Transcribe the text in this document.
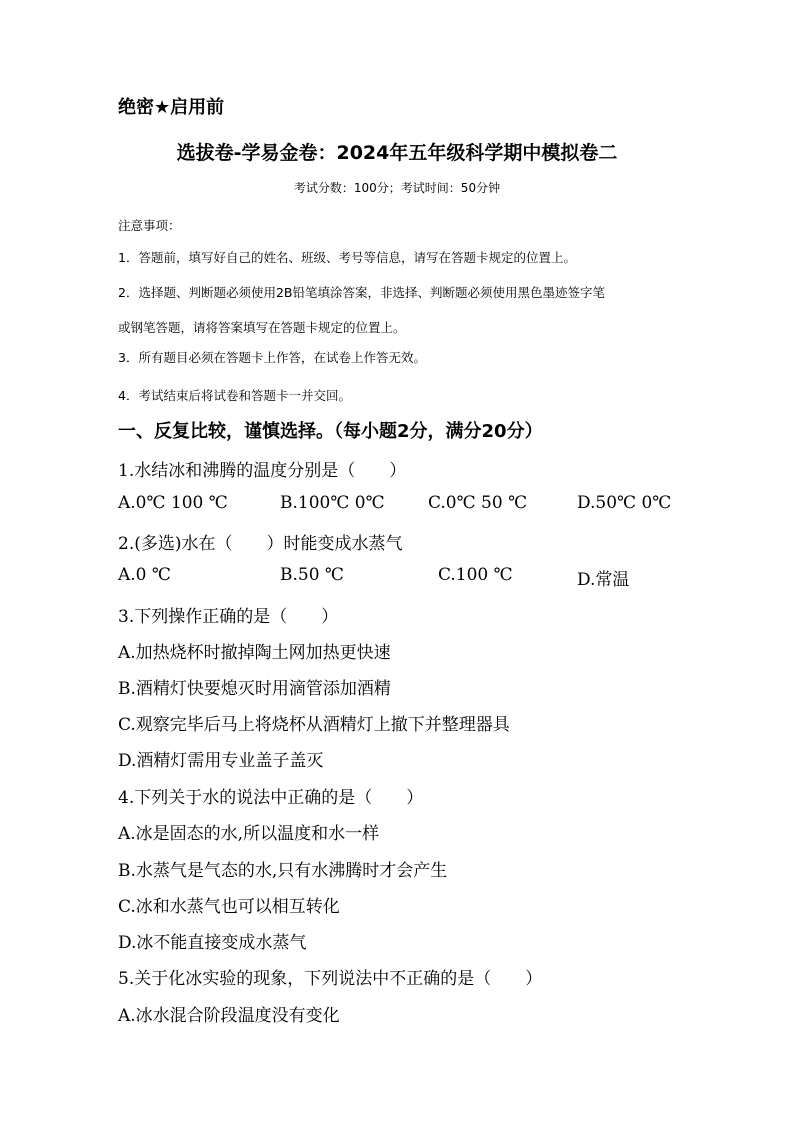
绝密★启用前
选拔卷-学易金卷：2024年五年级科学期中模拟卷二
考试分数：100分；考试时间：50分钟
注意事项：
1．答题前，填写好自己的姓名、班级、考号等信息，请写在答题卡规定的位置上。
2．选择题、判断题必须使用2B铅笔填涂答案，非选择、判断题必须使用黑色墨迹签字笔
或钢笔答题，请将答案填写在答题卡规定的位置上。
3．所有题目必须在答题卡上作答，在试卷上作答无效。
4．考试结束后将试卷和答题卡一并交回。
一、反复比较，谨慎选择。（每小题2分，满分20分）
1.水结冰和沸腾的温度分别是（　　）
A.0℃ 100 ℃	B.100℃ 0℃	C.0℃ 50 ℃	D.50℃ 0℃
2.(多选)水在（　　）时能变成水蒸气
A.0 ℃	B.50 ℃	C.100 ℃	D.常温
3.下列操作正确的是（　　）
A.加热烧杯时撤掉陶土网加热更快速
B.酒精灯快要熄灭时用滴管添加酒精
C.观察完毕后马上将烧杯从酒精灯上撤下并整理器具
D.酒精灯需用专业盖子盖灭
4.下列关于水的说法中正确的是（　　）
A.冰是固态的水,所以温度和水一样
B.水蒸气是气态的水,只有水沸腾时才会产生
C.冰和水蒸气也可以相互转化
D.冰不能直接变成水蒸气
5.关于化冰实验的现象，下列说法中不正确的是（　　）
A.冰水混合阶段温度没有变化
